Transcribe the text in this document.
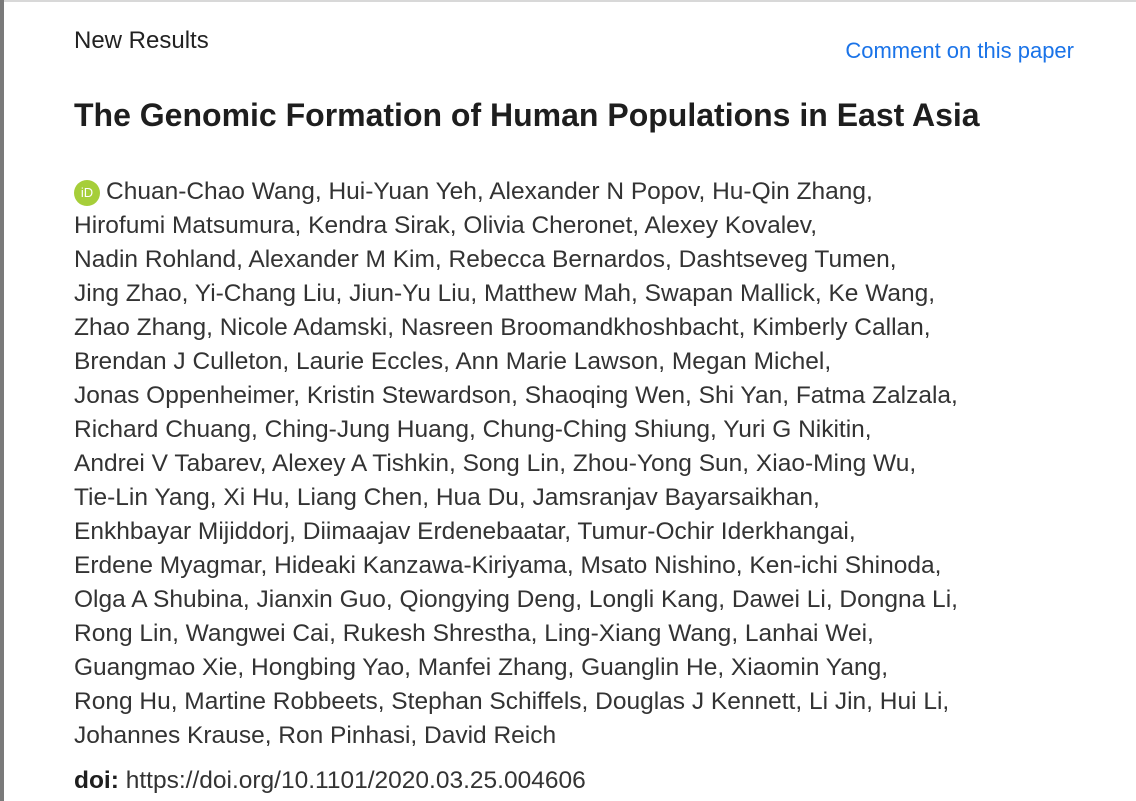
New Results	Comment on this paper
The Genomic Formation of Human Populations in East Asia
iD Chuan-Chao Wang, Hui-Yuan Yeh, Alexander N Popov, Hu-Qin Zhang,
Hirofumi Matsumura, Kendra Sirak, Olivia Cheronet, Alexey Kovalev,
Nadin Rohland, Alexander M Kim, Rebecca Bernardos, Dashtseveg Tumen,
Jing Zhao, Yi-Chang Liu, Jiun-Yu Liu, Matthew Mah, Swapan Mallick, Ke Wang,
Zhao Zhang, Nicole Adamski, Nasreen Broomandkhoshbacht, Kimberly Callan,
Brendan J Culleton, Laurie Eccles, Ann Marie Lawson, Megan Michel,
Jonas Oppenheimer, Kristin Stewardson, Shaoqing Wen, Shi Yan, Fatma Zalzala,
Richard Chuang, Ching-Jung Huang, Chung-Ching Shiung, Yuri G Nikitin,
Andrei V Tabarev, Alexey A Tishkin, Song Lin, Zhou-Yong Sun, Xiao-Ming Wu,
Tie-Lin Yang, Xi Hu, Liang Chen, Hua Du, Jamsranjav Bayarsaikhan,
Enkhbayar Mijiddorj, Diimaajav Erdenebaatar, Tumur-Ochir Iderkhangai,
Erdene Myagmar, Hideaki Kanzawa-Kiriyama, Msato Nishino, Ken-ichi Shinoda,
Olga A Shubina, Jianxin Guo, Qiongying Deng, Longli Kang, Dawei Li, Dongna Li,
Rong Lin, Wangwei Cai, Rukesh Shrestha, Ling-Xiang Wang, Lanhai Wei,
Guangmao Xie, Hongbing Yao, Manfei Zhang, Guanglin He, Xiaomin Yang,
Rong Hu, Martine Robbeets, Stephan Schiffels, Douglas J Kennett, Li Jin, Hui Li,
Johannes Krause, Ron Pinhasi, David Reich
doi: https://doi.org/10.1101/2020.03.25.004606
